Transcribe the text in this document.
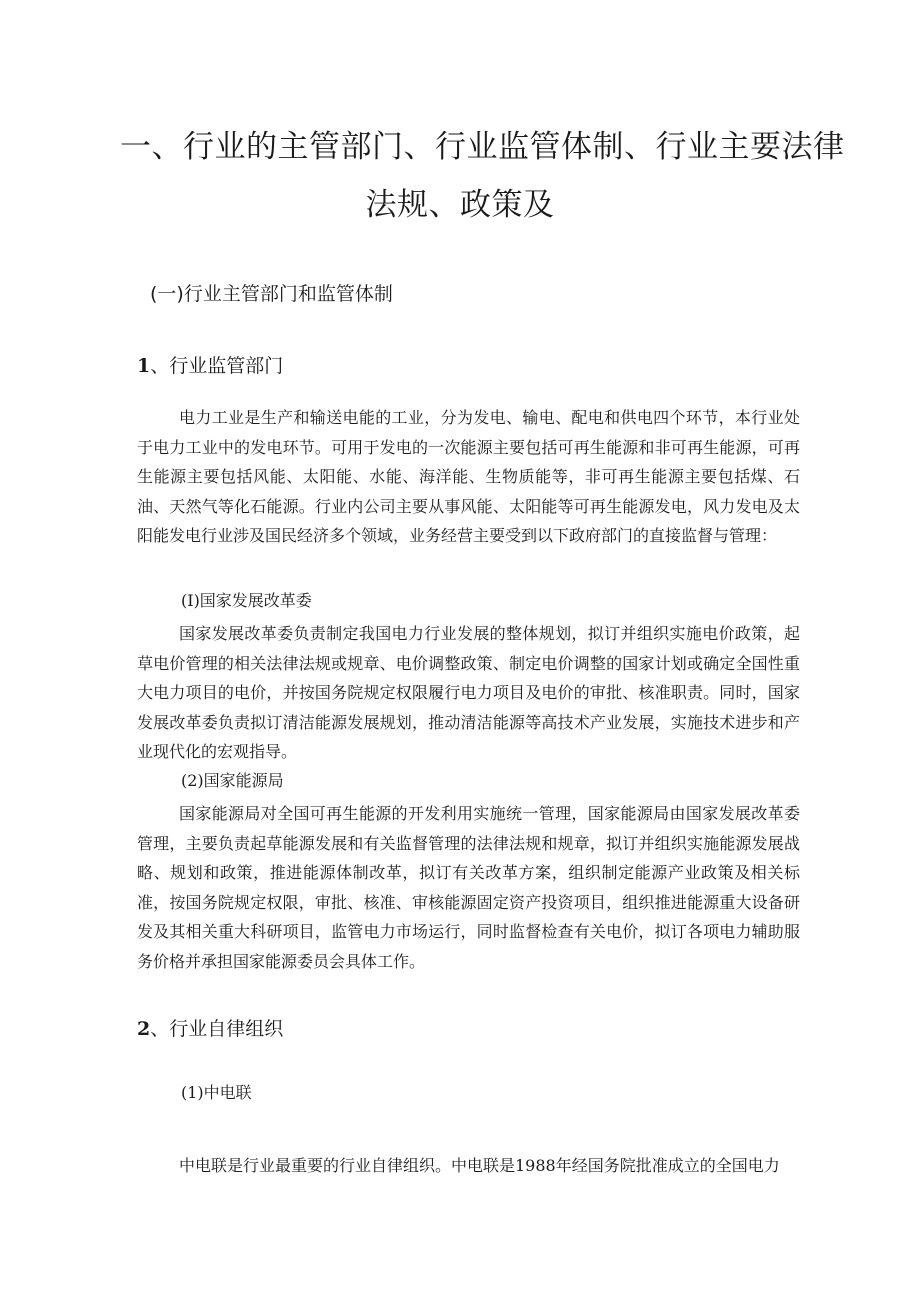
一、行业的主管部门、行业监管体制、行业主要法律
法规、政策及
(一)行业主管部门和监管体制
1、行业监管部门
电力工业是生产和输送电能的工业，分为发电、输电、配电和供电四个环节，本行业处于电力工业中的发电环节。可用于发电的一次能源主要包括可再生能源和非可再生能源，可再生能源主要包括风能、太阳能、水能、海洋能、生物质能等，非可再生能源主要包括煤、石油、天然气等化石能源。行业内公司主要从事风能、太阳能等可再生能源发电，风力发电及太阳能发电行业涉及国民经济多个领域，业务经营主要受到以下政府部门的直接监督与管理：
(I)国家发展改革委
国家发展改革委负责制定我国电力行业发展的整体规划，拟订并组织实施电价政策，起草电价管理的相关法律法规或规章、电价调整政策、制定电价调整的国家计划或确定全国性重大电力项目的电价，并按国务院规定权限履行电力项目及电价的审批、核准职责。同时，国家发展改革委负责拟订清洁能源发展规划，推动清洁能源等高技术产业发展，实施技术进步和产业现代化的宏观指导。
(2)国家能源局
国家能源局对全国可再生能源的开发利用实施统一管理，国家能源局由国家发展改革委管理，主要负责起草能源发展和有关监督管理的法律法规和规章，拟订并组织实施能源发展战略、规划和政策，推进能源体制改革，拟订有关改革方案，组织制定能源产业政策及相关标准，按国务院规定权限，审批、核准、审核能源固定资产投资项目，组织推进能源重大设备研发及其相关重大科研项目，监管电力市场运行，同时监督检查有关电价，拟订各项电力辅助服务价格并承担国家能源委员会具体工作。
2、行业自律组织
(1)中电联
中电联是行业最重要的行业自律组织。中电联是1988年经国务院批准成立的全国电力
